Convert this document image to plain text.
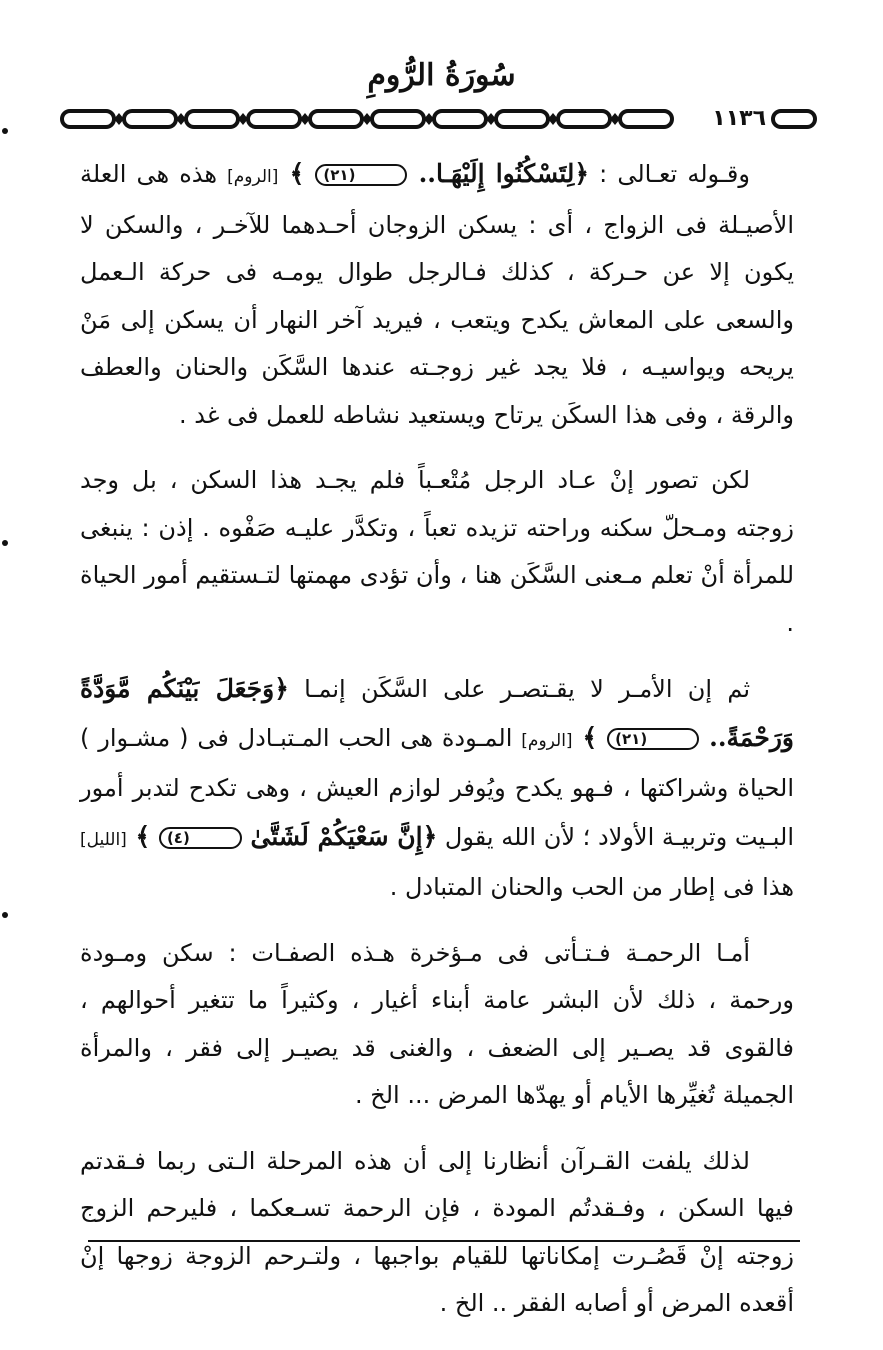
سُورَةُ الرُّومِ
١١٣٦

وقـوله تعـالى : ﴿لِتَسْكُنُوا إِلَيْهَـا.. (٢١) ﴾ [الروم] هذه هى العلة الأصيـلة فى الزواج ، أى : يسكن الزوجان أحـدهما للآخـر ، والسكن لا يكون إلا عن حـركة ، كذلك فـالرجل طوال يومـه فى حركة الـعمل والسعى على المعاش يكدح ويتعب ، فيريد آخر النهار أن يسكن إلى مَنْ يريحه ويواسيـه ، فلا يجد غير زوجـته عندها السَّكَن والحنان والعطف والرقة ، وفى هذا السكَن يرتاح ويستعيد نشاطه للعمل فى غد .

لكن تصور إنْ عـاد الرجل مُتْعـباً فلم يجـد هذا السكن ، بل وجد زوجته ومـحلّ سكنه وراحته تزيده تعباً ، وتكدَّر عليـه صَفْوه . إذن : ينبغى للمرأة أنْ تعلم مـعنى السَّكَن هنا ، وأن تؤدى مهمتها لتـستقيم أمور الحياة .

ثم إن الأمـر لا يقـتصـر على السَّكَن إنمـا ﴿وَجَعَلَ بَيْنَكُم مَّوَدَّةً وَرَحْمَةً.. (٢١) ﴾ [الروم] المـودة هى الحب المـتبـادل فى ( مشـوار ) الحياة وشراكتها ، فـهو يكدح ويُوفر لوازم العيش ، وهى تكدح لتدبر أمور البـيت وتربيـة الأولاد ؛ لأن الله يقول ﴿إِنَّ سَعْيَكُمْ لَشَتَّىٰ (٤) ﴾ [الليل] هذا فى إطار من الحب والحنان المتبادل .

أمـا الرحمـة فـتـأتى فى مـؤخرة هـذه الصفـات : سكن ومـودة ورحمة ، ذلك لأن البشر عامة أبناء أغيار ، وكثيراً ما تتغير أحوالهم ، فالقوى قد يصـير إلى الضعف ، والغنى قد يصيـر إلى فقر ، والمرأة الجميلة تُغيِّرها الأيام أو يهدّها المرض ... الخ .

لذلك يلفت القـرآن أنظارنا إلى أن هذه المرحلة الـتى ربما فـقدتم فيها السكن ، وفـقدتُم المودة ، فإن الرحمة تسـعكما ، فليرحم الزوج زوجته إنْ قَصُـرت إمكاناتها للقيام بواجبها ، ولتـرحم الزوجة زوجها إنْ أقعده المرض أو أصابه الفقر .. الخ .
